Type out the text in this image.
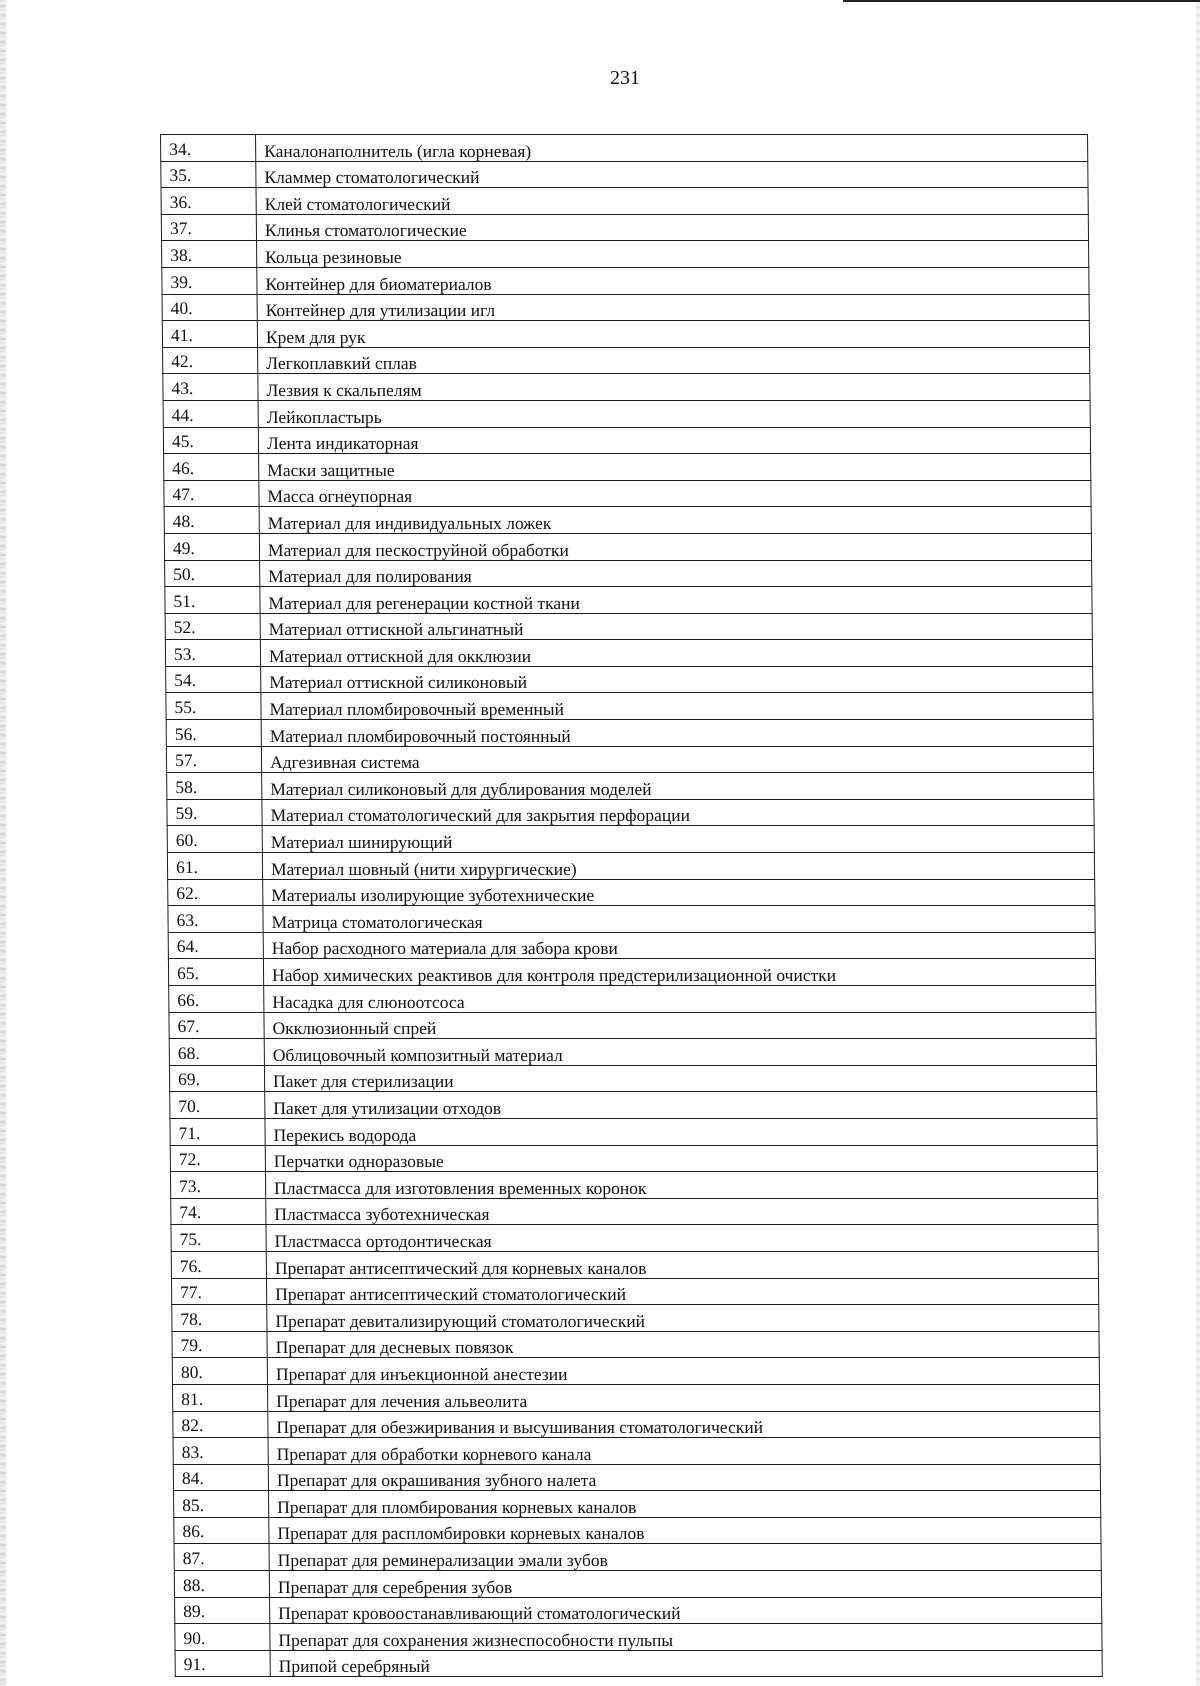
231
34.	Каналонаполнитель (игла корневая)
35.	Кламмер стоматологический
36.	Клей стоматологический
37.	Клинья стоматологические
38.	Кольца резиновые
39.	Контейнер для биоматериалов
40.	Контейнер для утилизации игл
41.	Крем для рук
42.	Легкоплавкий сплав
43.	Лезвия к скальпелям
44.	Лейкопластырь
45.	Лента индикаторная
46.	Маски защитные
47.	Масса огнеупорная
48.	Материал для индивидуальных ложек
49.	Материал для пескоструйной обработки
50.	Материал для полирования
51.	Материал для регенерации костной ткани
52.	Материал оттискной альгинатный
53.	Материал оттискной для окклюзии
54.	Материал оттискной силиконовый
55.	Материал пломбировочный временный
56.	Материал пломбировочный постоянный
57.	Адгезивная система
58.	Материал силиконовый для дублирования моделей
59.	Материал стоматологический для закрытия перфорации
60.	Материал шинирующий
61.	Материал шовный (нити хирургические)
62.	Материалы изолирующие зуботехнические
63.	Матрица стоматологическая
64.	Набор расходного материала для забора крови
65.	Набор химических реактивов для контроля предстерилизационной очистки
66.	Насадка для слюноотсоса
67.	Окклюзионный спрей
68.	Облицовочный композитный материал
69.	Пакет для стерилизации
70.	Пакет для утилизации отходов
71.	Перекись водорода
72.	Перчатки одноразовые
73.	Пластмасса для изготовления временных коронок
74.	Пластмасса зуботехническая
75.	Пластмасса ортодонтическая
76.	Препарат антисептический для корневых каналов
77.	Препарат антисептический стоматологический
78.	Препарат девитализирующий стоматологический
79.	Препарат для десневых повязок
80.	Препарат для инъекционной анестезии
81.	Препарат для лечения альвеолита
82.	Препарат для обезжиривания и высушивания стоматологический
83.	Препарат для обработки корневого канала
84.	Препарат для окрашивания зубного налета
85.	Препарат для пломбирования корневых каналов
86.	Препарат для распломбировки корневых каналов
87.	Препарат для реминерализации эмали зубов
88.	Препарат для серебрения зубов
89.	Препарат кровоостанавливающий стоматологический
90.	Препарат для сохранения жизнеспособности пульпы
91.	Припой серебряный
